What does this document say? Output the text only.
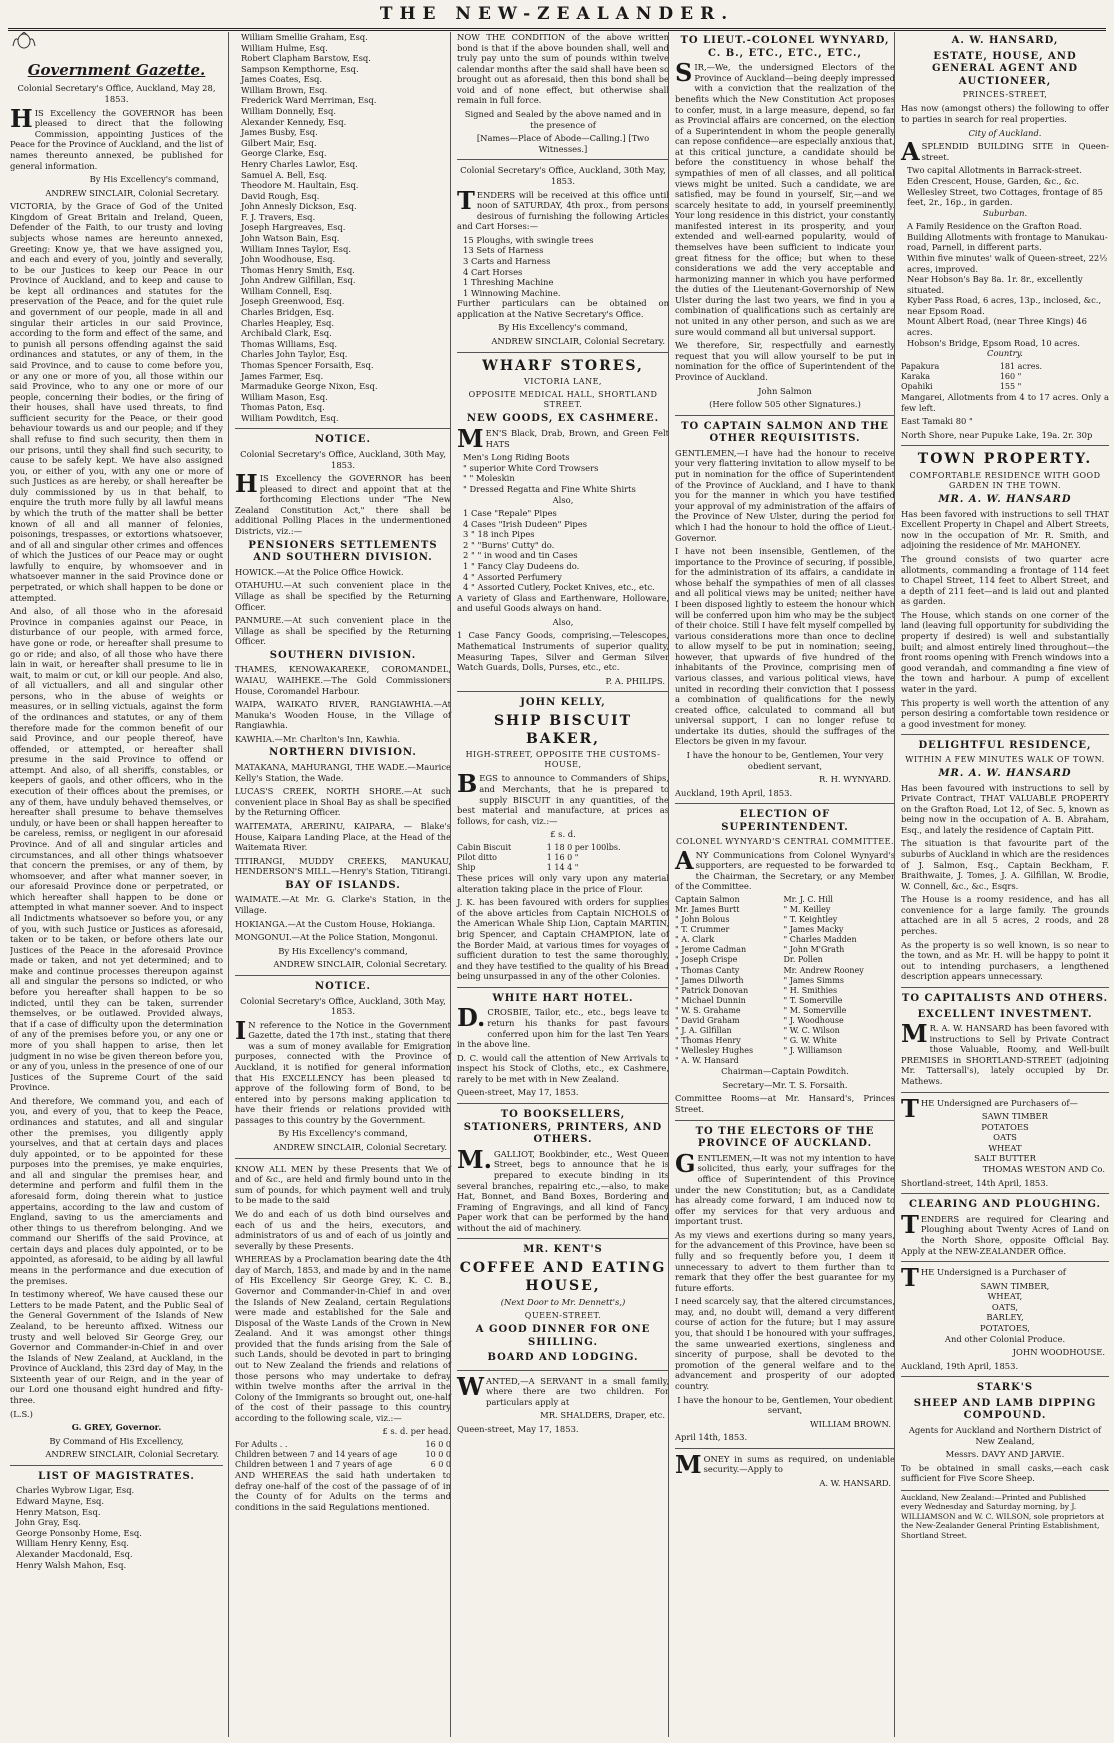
THE NEW-ZEALANDER.
Government Gazette.

Colonial Secretary's Office, Auckland, May 28, 1853.

HIS Excellency the GOVERNOR has been pleased to direct that the following Commission, appointing Justices of the Peace for the Province of Auckland, and the list of names thereunto annexed, be published for general information.

By His Excellency's command,

ANDREW SINCLAIR, Colonial Secretary.

VICTORIA, by the Grace of God of the United Kingdom of Great Britain and Ireland, Queen, Defender of the Faith, to our trusty and loving subjects whose names are hereunto annexed, Greeting: Know ye, that we have assigned you, and each and every of you, jointly and severally, to be our Justices to keep our Peace in our Province of Auckland, and to keep and cause to be kept all ordinances and statutes for the preservation of the Peace, and for the quiet rule and government of our people, made in all and singular their articles in our said Province, according to the form and effect of the same, and to punish all persons offending against the said ordinances and statutes, or any of them, in the said Province, and to cause to come before you, or any one or more of you, all those within our said Province, who to any one or more of our people, concerning their bodies, or the firing of their houses, shall have used threats, to find sufficient security for the Peace, or their good behaviour towards us and our people; and if they shall refuse to find such security, then them in our prisons, until they shall find such security, to cause to be safely kept. We have also assigned you, or either of you, with any one or more of such Justices as are hereby, or shall hereafter be duly commissioned by us in that behalf, to enquire the truth more fully by all lawful means by which the truth of the matter shall be better known of all and all manner of felonies, poisonings, trespasses, or extortions whatsoever, and of all and singular other crimes and offences of which the Justices of our Peace may or ought lawfully to enquire, by whomsoever and in whatsoever manner in the said Province done or perpetrated, or which shall happen to be done or attempted.

And also, of all those who in the aforesaid Province in companies against our Peace, in disturbance of our people, with armed force, have gone or rode, or hereafter shall presume to go or ride; and also, of all those who have there lain in wait, or hereafter shall presume to lie in wait, to maim or cut, or kill our people. And also, of all victuallers, and all and singular other persons, who in the abuse of weights or measures, or in selling victuals, against the form of the ordinances and statutes, or any of them therefore made for the common benefit of our said Province, and our people thereof, have offended, or attempted, or hereafter shall presume in the said Province to offend or attempt. And also, of all sheriffs, constables, or keepers of gaols, and other officers, who in the execution of their offices about the premises, or any of them, have unduly behaved themselves, or hereafter shall presume to behave themselves unduly, or have been or shall happen hereafter to be careless, remiss, or negligent in our aforesaid Province. And of all and singular articles and circumstances, and all other things whatsoever that concern the premises, or any of them, by whomsoever, and after what manner soever, in our aforesaid Province done or perpetrated, or which hereafter shall happen to be done or attempted in what manner soever. And to inspect all Indictments whatsoever so before you, or any of you, with such Justice or Justices as aforesaid, taken or to be taken, or before others late our Justices of the Peace in the aforesaid Province made or taken, and not yet determined; and to make and continue processes thereupon against all and singular the persons so indicted, or who before you hereafter shall happen to be so indicted, until they can be taken, surrender themselves, or be outlawed. Provided always, that if a case of difficulty upon the determination of any of the premises before you, or any one or more of you shall happen to arise, then let judgment in no wise be given thereon before you, or any of you, unless in the presence of one of our Justices of the Supreme Court of the said Province.

And therefore, We command you, and each of you, and every of you, that to keep the Peace, ordinances and statutes, and all and singular other the premises, you diligently apply yourselves, and that at certain days and places duly appointed, or to be appointed for these purposes into the premises, ye make enquiries, and all and singular the premises hear, and determine and perform and fulfil them in the aforesaid form, doing therein what to justice appertains, according to the law and custom of England, saving to us the amerciaments and other things to us therefrom belonging. And we command our Sheriffs of the said Province, at certain days and places duly appointed, or to be appointed, as aforesaid, to be aiding by all lawful means in the performance and due execution of the premises.

In testimony whereof, We have caused these our Letters to be made Patent, and the Public Seal of the General Government of the Islands of New Zealand, to be hereunto affixed. Witness our trusty and well beloved Sir George Grey, our Governor and Commander-in-Chief in and over the Islands of New Zealand, at Auckland, in the Province of Auckland, this 23rd day of May, in the Sixteenth year of our Reign, and in the year of our Lord one thousand eight hundred and fifty-three.

(L.S.)

G. GREY, Governor.

By Command of His Excellency,

ANDREW SINCLAIR, Colonial Secretary.

LIST OF MAGISTRATES.
Charles Wybrow Ligar, Esq.
Edward Mayne, Esq.
Henry Matson, Esq.
John Gray, Esq.
George Ponsonby Home, Esq.
William Henry Kenny, Esq.
Alexander Macdonald, Esq.
Henry Walsh Mahon, Esq.
William Smellie Graham, Esq.
William Hulme, Esq.
Robert Clapham Barstow, Esq.
Sampson Kempthorne, Esq.
James Coates, Esq.
William Brown, Esq.
Frederick Ward Merriman, Esq.
William Donnelly, Esq.
Alexander Kennedy, Esq.
James Busby, Esq.
Gilbert Mair, Esq.
George Clarke, Esq.
Henry Charles Lawlor, Esq.
Samuel A. Bell, Esq.
Theodore M. Haultain, Esq.
David Rough, Esq.
John Annesly Dickson, Esq.
F. J. Travers, Esq.
Joseph Hargreaves, Esq.
John Watson Bain, Esq.
William Innes Taylor, Esq.
John Woodhouse, Esq.
Thomas Henry Smith, Esq.
John Andrew Gilfillan, Esq.
William Connell, Esq.
Joseph Greenwood, Esq.
Charles Bridgen, Esq.
Charles Heapley, Esq.
Archibald Clark, Esq.
Thomas Williams, Esq.
Charles John Taylor, Esq.
Thomas Spencer Forsaith, Esq.
James Farmer, Esq.
Marmaduke George Nixon, Esq.
William Mason, Esq.
Thomas Paton, Esq.
William Powditch, Esq.
NOTICE.

Colonial Secretary's Office, Auckland, 30th May, 1853.

HIS Excellency the GOVERNOR has been pleased to direct and appoint that at the forthcoming Elections under "The New Zealand Constitution Act," there shall be additional Polling Places in the undermentioned Districts, viz.:—

PENSIONERS SETTLEMENTS AND SOUTHERN DIVISION.

HOWICK.—At the Police Office Howick.

OTAHUHU.—At such convenient place in the Village as shall be specified by the Returning Officer.

PANMURE.—At such convenient place in the Village as shall be specified by the Returning Officer.

SOUTHERN DIVISION.

THAMES, KENOWAKAREKE, COROMANDEL, WAIAU, WAIHEKE.—The Gold Commissioners House, Coromandel Harbour.

WAIPA, WAIKATO RIVER, RANGIAWHIA.—At Manuka's Wooden House, in the Village of Rangiawhia.

KAWHIA.—Mr. Charlton's Inn, Kawhia.

NORTHERN DIVISION.

MATAKANA, MAHURANGI, THE WADE.—Maurice Kelly's Station, the Wade.

LUCAS'S CREEK, NORTH SHORE.—At such convenient place in Shoal Bay as shall be specified by the Returning Officer.

WAITEMATA, ARERINU, KAIPARA, — Blake's House, Kaipara Landing Place, at the Head of the Waitemata River.

TITIRANGI, MUDDY CREEKS, MANUKAU, HENDERSON'S MILL.—Henry's Station, Titirangi.

BAY OF ISLANDS.

WAIMATE.—At Mr. G. Clarke's Station, in the Village.

HOKIANGA.—At the Custom House, Hokianga.

MONGONUI.—At the Police Station, Mongonui.

By His Excellency's command,

ANDREW SINCLAIR, Colonial Secretary.

NOTICE.

Colonial Secretary's Office, Auckland, 30th May, 1853.

IN reference to the Notice in the Government Gazette, dated the 17th inst., stating that there was a sum of money available for Emigration purposes, connected with the Province of Auckland, it is notified for general information that His EXCELLENCY has been pleased to approve of the following form of Bond, to be entered into by persons making application to have their friends or relations provided with passages to this country by the Government.

By His Excellency's command,

ANDREW SINCLAIR, Colonial Secretary.

KNOW ALL MEN by these Presents that We of and of &c., are held and firmly bound unto in the sum of pounds, for which payment well and truly to be made to the said

We do and each of us doth bind ourselves and each of us and the heirs, executors, and administrators of us and of each of us jointly and severally by these Presents.

WHEREAS by a Proclamation bearing date the 4th day of March, 1853, and made by and in the name of His Excellency Sir George Grey, K. C. B., Governor and Commander-in-Chief in and over the Islands of New Zealand, certain Regulations were made and established for the Sale and Disposal of the Waste Lands of the Crown in New Zealand. And it was amongst other things provided that the funds arising from the Sale of such Lands, should be devoted in part to bringing out to New Zealand the friends and relations of those persons who may undertake to defray within twelve months after the arrival in the Colony of the Immigrants so brought out, one-half of the cost of their passage to this country according to the following scale, viz.:—

£ s. d. per head.

For Adults . .	16 0 0
Children between 7 and 14 years of age	10 0 0
Children between 1 and 7 years of age	6 0 0

AND WHEREAS the said hath undertaken to defray one-half of the cost of the passage of of in the County of for Adults on the terms and conditions in the said Regulations mentioned.

NOW THE CONDITION of the above written bond is that if the above bounden shall, well and truly pay unto the sum of pounds within twelve calendar months after the said shall have been so brought out as aforesaid, then this bond shall be void and of none effect, but otherwise shall remain in full force.

Signed and Sealed by the above named and in the presence of

[Names—Place of Abode—Calling.] [Two Witnesses.]

Colonial Secretary's Office, Auckland, 30th May, 1853.

TENDERS will be received at this office until noon of SATURDAY, 4th prox., from persons desirous of furnishing the following Articles and Cart Horses:—

15 Ploughs, with swingle trees
13 Sets of Harness
3 Carts and Harness
4 Cart Horses
1 Threshing Machine
1 Winnowing Machine.

Further particulars can be obtained on application at the Native Secretary's Office.

By His Excellency's command,

ANDREW SINCLAIR, Colonial Secretary.

WHARF STORES,
VICTORIA LANE,
OPPOSITE MEDICAL HALL, SHORTLAND STREET.
NEW GOODS, EX CASHMERE.

MEN'S Black, Drab, Brown, and Green Felt HATS

Men's Long Riding Boots
" superior White Cord Trowsers
" " Moleskin
" Dressed Regatta and Fine White Shirts

Also,

1 Case "Repale" Pipes
4 Cases "Irish Dudeen" Pipes
3 " 18 inch Pipes
2 " "Burns' Cutty" do.
2 " " in wood and tin Cases
1 " Fancy Clay Dudeens do.
4 " Assorted Perfumery
4 " Assorted Cutlery, Pocket Knives, etc., etc.

A variety of Glass and Earthenware, Holloware, and useful Goods always on hand.

Also,

1 Case Fancy Goods, comprising,—Telescopes, Mathematical Instruments of superior quality, Measuring Tapes, Silver and German Silver Watch Guards, Dolls, Purses, etc., etc.

P. A. PHILIPS.

JOHN KELLY,
SHIP BISCUIT BAKER,
HIGH-STREET, OPPOSITE THE CUSTOMS-HOUSE,

BEGS to announce to Commanders of Ships, and Merchants, that he is prepared to supply BISCUIT in any quantities, of the best material and manufacture, at prices as follows, for cash, viz.:—

£ s. d.

Cabin Biscuit	1 18 0 per 100lbs.
Pilot ditto	1 16 0 "
Ship	1 14 4 "

These prices will only vary upon any material alteration taking place in the price of Flour.

J. K. has been favoured with orders for supplies of the above articles from Captain NICHOLS of the American Whale Ship Lion, Captain MARTIN, brig Spencer, and Captain CHAMPION, late of the Border Maid, at various times for voyages of sufficient duration to test the same thoroughly, and they have testified to the quality of his Bread being unsurpassed in any of the other Colonies.

WHITE HART HOTEL.

D.CROSBIE, Tailor, etc., etc., begs leave to return his thanks for past favours conferred upon him for the last Ten Years in the above line.

D. C. would call the attention of New Arrivals to inspect his Stock of Cloths, etc., ex Cashmere, rarely to be met with in New Zealand.

Queen-street, May 17, 1853.

TO BOOKSELLERS, STATIONERS, PRINTERS, AND OTHERS.

M.GALLIOT, Bookbinder, etc., West Queen Street, begs to announce that he is prepared to execute binding in its several branches, repairing etc.,—also, to make Hat, Bonnet, and Band Boxes, Bordering and Framing of Engravings, and all kind of Fancy Paper work that can be performed by the hand without the aid of machinery.

MR. KENT'S
COFFEE AND EATING HOUSE,

(Next Door to Mr. Dennett's,)

QUEEN-STREET.
A GOOD DINNER FOR ONE SHILLING.
BOARD AND LODGING.

WANTED,—A SERVANT in a small family, where there are two children. For particulars apply at

MR. SHALDERS, Draper, etc.

Queen-street, May 17, 1853.

TO LIEUT.-COLONEL WYNYARD, C. B., ETC., ETC., ETC.,

SIR,—We, the undersigned Electors of the Province of Auckland—being deeply impressed with a conviction that the realization of the benefits which the New Constitution Act proposes to confer, must, in a large measure, depend, so far as Provincial affairs are concerned, on the election of a Superintendent in whom the people generally can repose confidence—are especially anxious that, at this critical juncture, a candidate should be before the constituency in whose behalf the sympathies of men of all classes, and all political views might be united. Such a candidate, we are satisfied, may be found in yourself, Sir,—and we scarcely hesitate to add, in yourself preeminently. Your long residence in this district, your constantly manifested interest in its prosperity, and your extended and well-earned popularity, would of themselves have been sufficient to indicate your great fitness for the office; but when to these considerations we add the very acceptable and harmonizing manner in which you have performed the duties of the Lieutenant-Governorship of New Ulster during the last two years, we find in you a combination of qualifications such as certainly are not united in any other person, and such as we are sure would command all but universal support.

We therefore, Sir, respectfully and earnestly request that you will allow yourself to be put in nomination for the office of Superintendent of the Province of Auckland.

John Salmon

(Here follow 505 other Signatures.)

TO CAPTAIN SALMON AND THE OTHER REQUISITISTS.

GENTLEMEN,—I have had the honour to receive your very flattering invitation to allow myself to be put in nomination for the office of Superintendent of the Province of Auckland, and I have to thank you for the manner in which you have testified your approval of my administration of the affairs of the Province of New Ulster, during the period for which I had the honour to hold the office of Lieut.-Governor.

I have not been insensible, Gentlemen, of the importance to the Province of securing, if possible, for the administration of its affairs, a candidate in whose behalf the sympathies of men of all classes and all political views may be united; neither have I been disposed lightly to esteem the honour which will be conferred upon him who may be the subject of their choice. Still I have felt myself compelled by various considerations more than once to decline to allow myself to be put in nomination; seeing, however, that upwards of five hundred of the inhabitants of the Province, comprising men of various classes, and various political views, have united in recording their conviction that I possess a combination of qualifications for the newly created office, calculated to command all but universal support, I can no longer refuse to undertake its duties, should the suffrages of the Electors be given in my favour.

I have the honour to be, Gentlemen, Your very obedient servant,

R. H. WYNYARD.

Auckland, 19th April, 1853.

ELECTION OF SUPERINTENDENT.
COLONEL WYNYARD'S CENTRAL COMMITTEE.

ANY Communications from Colonel Wynyard's supporters, are requested to be forwarded to the Chairman, the Secretary, or any Member of the Committee.

Captain Salmon	Mr. J. C. Hill
Mr. James Burtt	" M. Keilley
" John Bolous	" T. Keightley
" T. Crummer	" James Macky
" A. Clark	" Charles Madden
" Jerome Cadman	" John M'Grath
" Joseph Crispe	Dr. Pollen
" Thomas Canty	Mr. Andrew Rooney
" James Dilworth	" James Simms
" Patrick Donovan	" H. Smithies
" Michael Dunnin	" T. Somerville
" W. S. Grahame	" M. Somerville
" David Graham	" J. Woodhouse
" J. A. Gilfillan	" W. C. Wilson
" Thomas Henry	" G. W. White
" Wellesley Hughes	" J. Williamson
" A. W. Hansard	

Chairman—Captain Powditch.

Secretary—Mr. T. S. Forsaith.

Committee Rooms—at Mr. Hansard's, Princes Street.

TO THE ELECTORS OF THE PROVINCE OF AUCKLAND.

GENTLEMEN,—It was not my intention to have solicited, thus early, your suffrages for the office of Superintendent of this Province under the new Constitution; but, as a Candidate has already come forward, I am induced now to offer my services for that very arduous and important trust.

As my views and exertions during so many years, for the advancement of this Province, have been so fully and so frequently before you, I deem it unnecessary to advert to them further than to remark that they offer the best guarantee for my future efforts.

I need scarcely say, that the altered circumstances, may, and, no doubt will, demand a very different course of action for the future; but I may assure you, that should I be honoured with your suffrages, the same unwearied exertions, singleness and sincerity of purpose, shall be devoted to the promotion of the general welfare and to the advancement and prosperity of our adopted country.

I have the honour to be, Gentlemen, Your obedient servant,

WILLIAM BROWN.

April 14th, 1853.

MONEY in sums as required, on undeniable security.—Apply to

A. W. HANSARD.

A. W. HANSARD,
ESTATE, HOUSE, AND GENERAL AGENT AND AUCTIONEER,
PRINCES-STREET,

Has now (amongst others) the following to offer to parties in search for real properties.

City of Auckland.

ASPLENDID BUILDING SITE in Queen-street.

Two capital Allotments in Barrack-street.
Eden Crescent, House, Garden, &c., &c.
Wellesley Street, two Cottages, frontage of 85 feet, 2r., 16p., in garden.

Suburban.

A Family Residence on the Grafton Road.
Building Allotments with frontage to Manukau-road, Parnell, in different parts.
Within five minutes' walk of Queen-street, 22½ acres, improved.
Near Hobson's Bay 8a. 1r. 8r., excellently situated.
Kyber Pass Road, 6 acres, 13p., inclosed, &c., near Epsom Road.
Mount Albert Road, (near Three Kings) 46 acres.
Hobson's Bridge, Epsom Road, 10 acres.

Country.

Papakura	181 acres.
Karaka	160 "
Opahiki	155 "

Mangarei, Allotments from 4 to 17 acres. Only a few left.

East Tamaki 80 "

North Shore, near Pupuke Lake, 19a. 2r. 30p

TOWN PROPERTY.
COMFORTABLE RESIDENCE WITH GOOD GARDEN IN THE TOWN.
MR. A. W. HANSARD

Has been favored with instructions to sell THAT Excellent Property in Chapel and Albert Streets, now in the occupation of Mr. R. Smith, and adjoining the residence of Mr. MAHONEY.

The ground consists of two quarter acre allotments, commanding a frontage of 114 feet to Chapel Street, 114 feet to Albert Street, and a depth of 211 feet—and is laid out and planted as garden.

The House, which stands on one corner of the land (leaving full opportunity for subdividing the property if desired) is well and substantially built; and almost entirely lined throughout—the front rooms opening with French windows into a good verandah, and commanding a fine view of the town and harbour. A pump of excellent water in the yard.

This property is well worth the attention of any person desiring a comfortable town residence or a good investment for money.

DELIGHTFUL RESIDENCE,
WITHIN A FEW MINUTES WALK OF TOWN.
MR. A. W. HANSARD

Has been favoured with instructions to sell by Private Contract, THAT VALUABLE PROPERTY on the Grafton Road, Lot 12, of Sec. 5, known as being now in the occupation of A. B. Abraham, Esq., and lately the residence of Captain Pitt.

The situation is that favourite part of the suburbs of Auckland in which are the residences of J. Salmon, Esq., Captain Beckham, F. Braithwaite, J. Tomes, J. A. Gilfillan, W. Brodie, W. Connell, &c., &c., Esqrs.

The House is a roomy residence, and has all convenience for a large family. The grounds attached are in all 5 acres, 2 roods, and 28 perches.

As the property is so well known, is so near to the town, and as Mr. H. will be happy to point it out to intending purchasers, a lengthened description appears unnecessary.

TO CAPITALISTS AND OTHERS.
EXCELLENT INVESTMENT.

MR. A. W. HANSARD has been favored with instructions to Sell by Private Contract those Valuable, Roomy, and Well-built PREMISES in SHORTLAND-STREET (adjoining Mr. Tattersall's), lately occupied by Dr. Mathews.

THE Undersigned are Purchasers of—

SAWN TIMBER
POTATOES
OATS
WHEAT
SALT BUTTER

THOMAS WESTON AND Co.

Shortland-street, 14th April, 1853.

CLEARING AND PLOUGHING.

TENDERS are required for Clearing and Ploughing about Twenty Acres of Land on the North Shore, opposite Official Bay. Apply at the NEW-ZEALANDER Office.

THE Undersigned is a Purchaser of

SAWN TIMBER,
WHEAT,
OATS,
BARLEY,
POTATOES,

And other Colonial Produce.

JOHN WOODHOUSE.

Auckland, 19th April, 1853.

STARK'S
SHEEP AND LAMB DIPPING COMPOUND.

Agents for Auckland and Northern District of New Zealand,

Messrs. DAVY AND JARVIE.

To be obtained in small casks,—each cask sufficient for Five Score Sheep.

Auckland, New Zealand:—Printed and Published every Wednesday and Saturday morning, by J. WILLIAMSON and W. C. WILSON, sole proprietors at the New-Zealander General Printing Establishment, Shortland Street.
